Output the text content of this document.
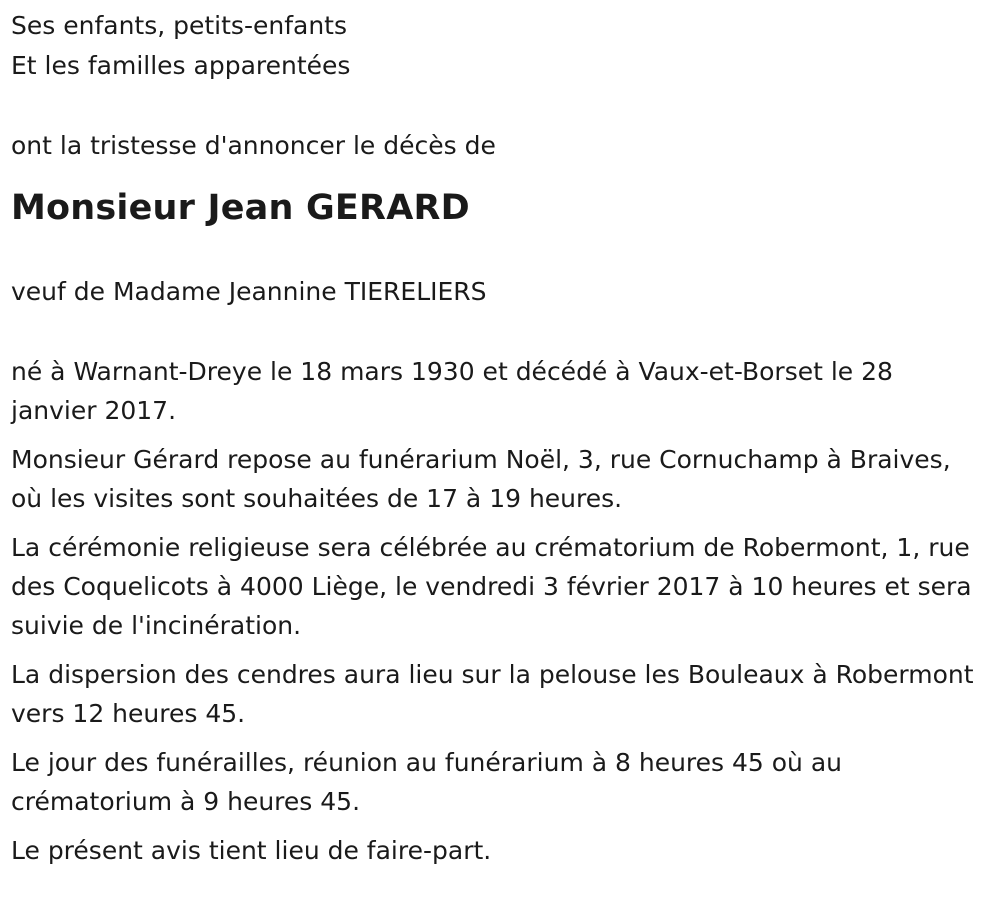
Ses enfants, petits-enfants

Et les familles apparentées

ont la tristesse d'annoncer le décès de

Monsieur Jean GERARD

veuf de Madame Jeannine TIERELIERS

né à Warnant-Dreye le 18 mars 1930 et décédé à Vaux-et-Borset le 28 janvier 2017.

Monsieur Gérard repose au funérarium Noël, 3, rue Cornuchamp à Braives, où les visites sont souhaitées de 17 à 19 heures.

La cérémonie religieuse sera célébrée au crématorium de Robermont, 1, rue des Coquelicots à 4000 Liège, le vendredi 3 février 2017 à 10 heures et sera suivie de l'incinération.

La dispersion des cendres aura lieu sur la pelouse les Bouleaux à Robermont vers 12 heures 45.

Le jour des funérailles, réunion au funérarium à 8 heures 45 où au crématorium à 9 heures 45.

Le présent avis tient lieu de faire-part.
